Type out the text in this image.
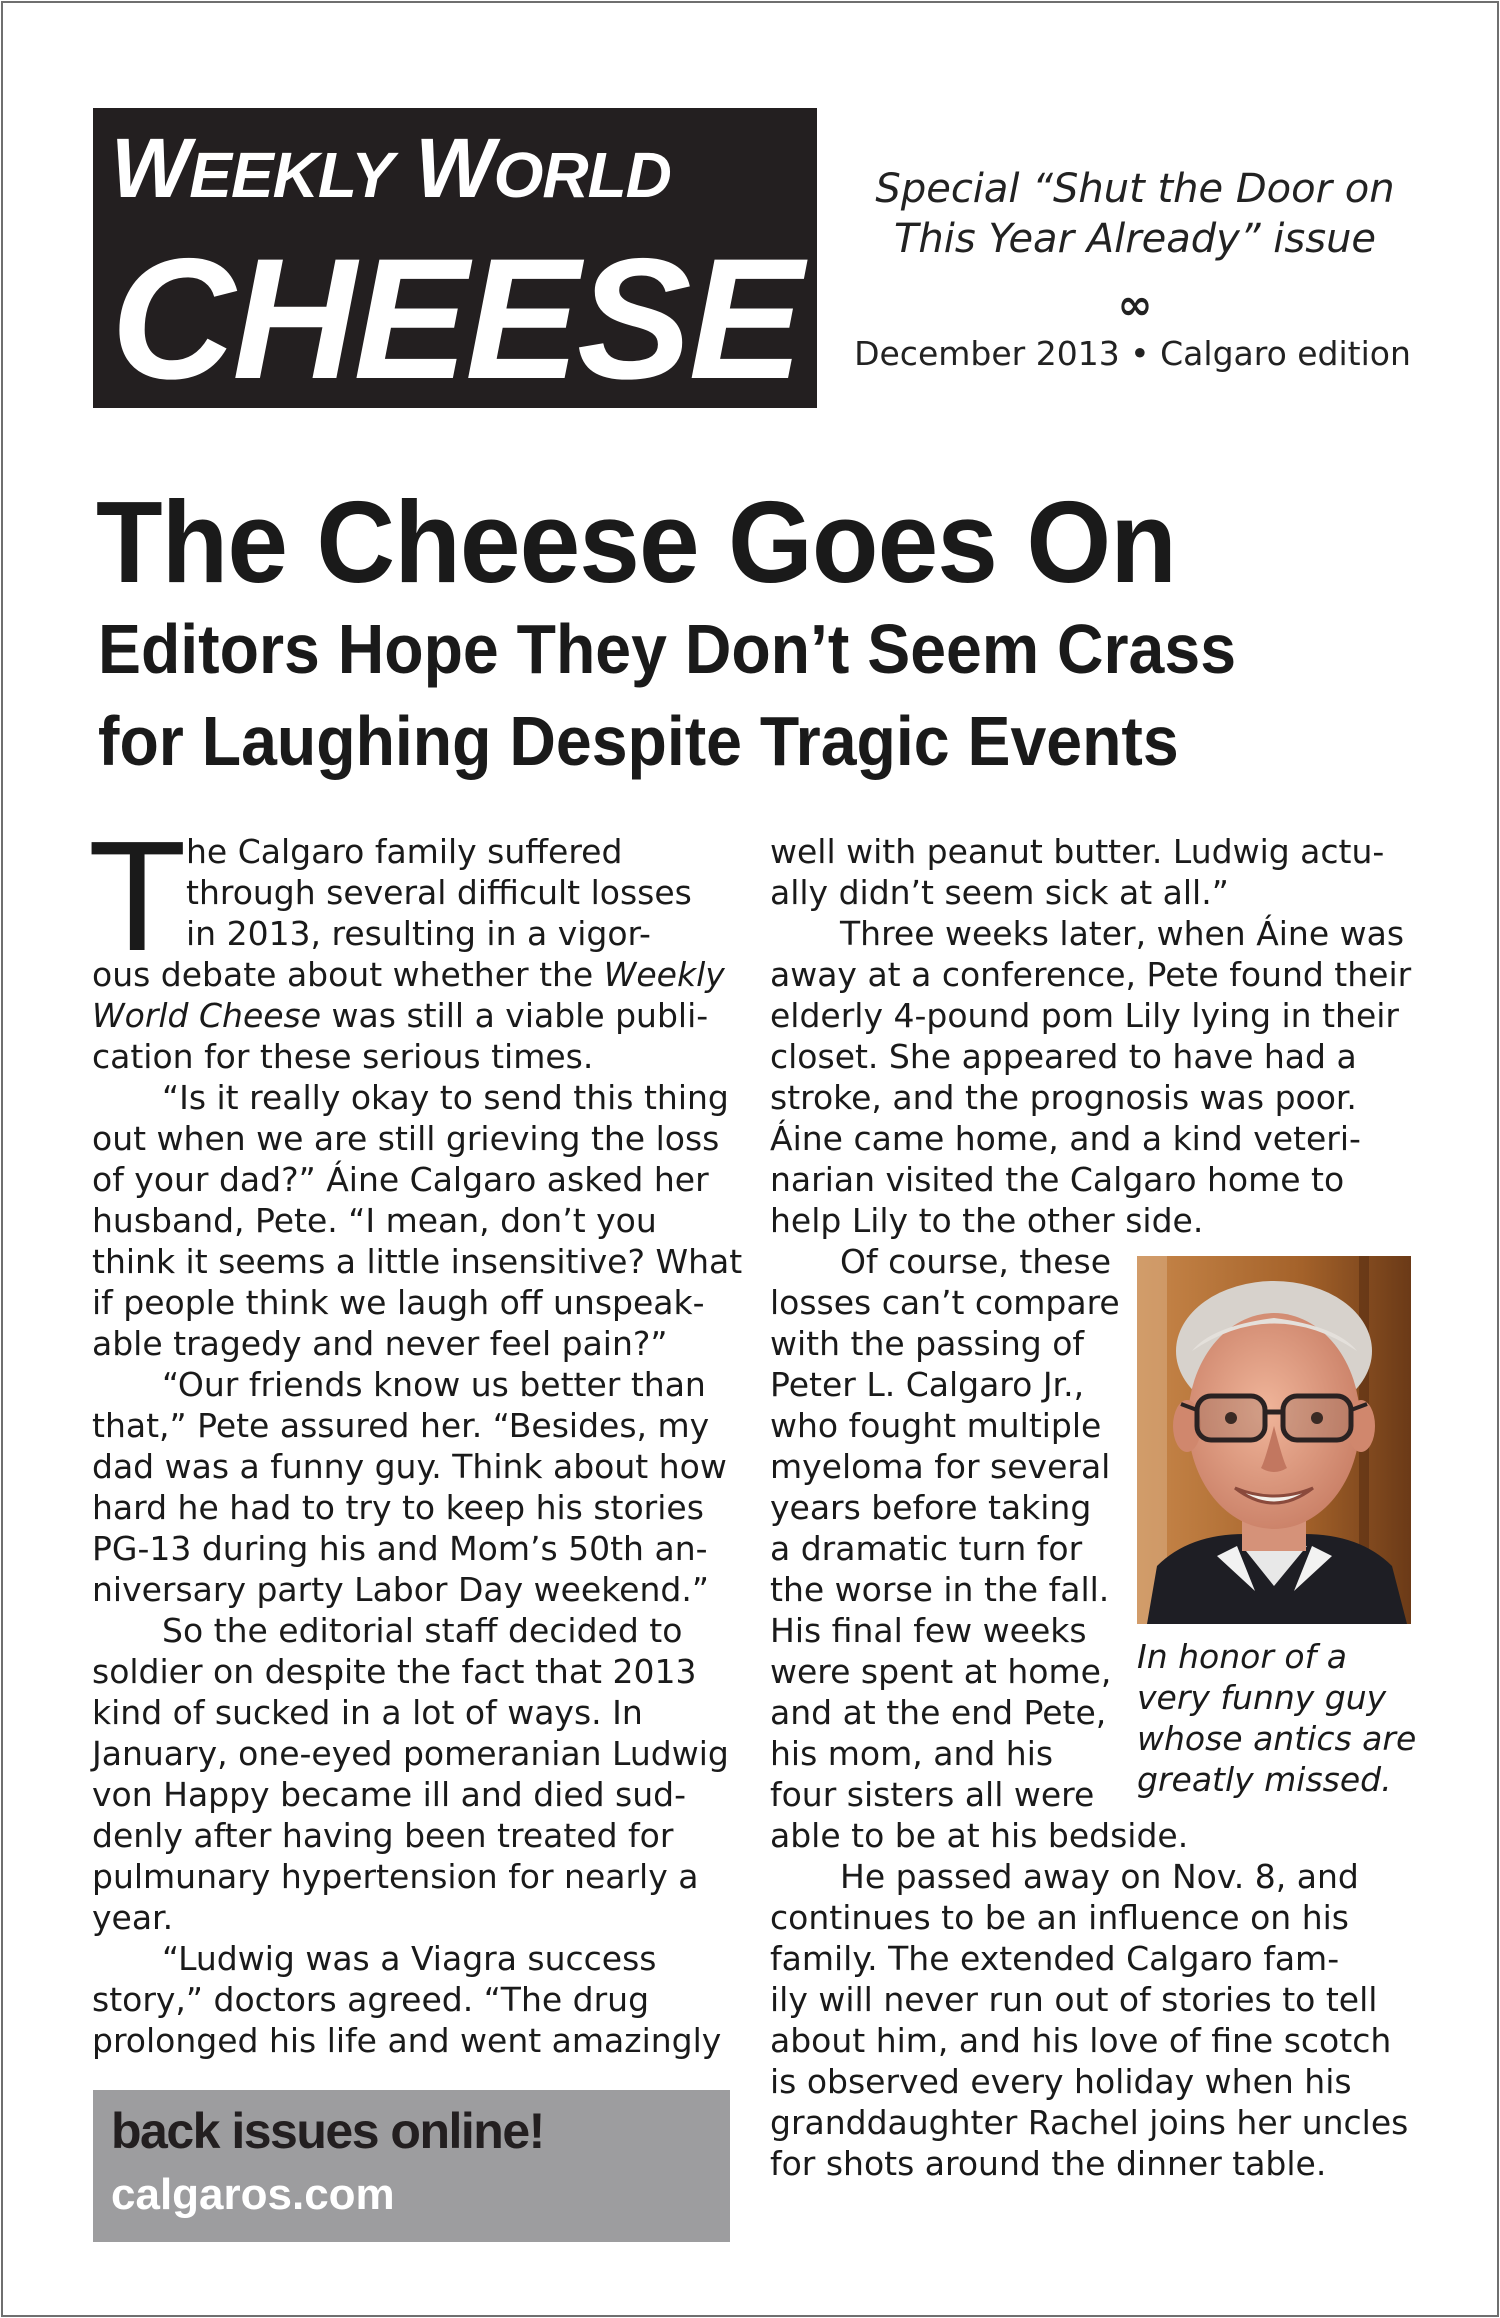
WEEKLY WORLD
CHEESE
Special “Shut the Door on
This Year Already” issue
∞
December 2013 • Calgaro edition
The Cheese Goes On
Editors Hope They Don’t Seem Crass
for Laughing Despite Tragic Events
T he Calgaro family suffered

through several difficult losses

in 2013, resulting in a vigor-

ous debate about whether the Weekly

World Cheese was still a viable publi-

cation for these serious times.

“Is it really okay to send this thing

out when we are still grieving the loss

of your dad?” Áine Calgaro asked her

husband, Pete. “I mean, don’t you

think it seems a little insensitive? What

if people think we laugh off unspeak-

able tragedy and never feel pain?”

“Our friends know us better than

that,” Pete assured her. “Besides, my

dad was a funny guy. Think about how

hard he had to try to keep his stories

PG-13 during his and Mom’s 50th an-

niversary party Labor Day weekend.”

So the editorial staff decided to

soldier on despite the fact that 2013

kind of sucked in a lot of ways. In

January, one-eyed pomeranian Ludwig

von Happy became ill and died sud-

denly after having been treated for

pulmunary hypertension for nearly a

year.

“Ludwig was a Viagra success

story,” doctors agreed. “The drug

prolonged his life and went amazingly

well with peanut butter. Ludwig actu-

ally didn’t seem sick at all.”

Three weeks later, when Áine was

away at a conference, Pete found their

elderly 4-pound pom Lily lying in their

closet. She appeared to have had a

stroke, and the prognosis was poor.

Áine came home, and a kind veteri-

narian visited the Calgaro home to

help Lily to the other side.

Of course, these

losses can’t compare

with the passing of

Peter L. Calgaro Jr.,

who fought multiple

myeloma for several

years before taking

a dramatic turn for

the worse in the fall.

His final few weeks

were spent at home,

and at the end Pete,

his mom, and his

four sisters all were

able to be at his bedside.

He passed away on Nov. 8, and

continues to be an influence on his

family. The extended Calgaro fam-

ily will never run out of stories to tell

about him, and his love of fine scotch

is observed every holiday when his

granddaughter Rachel joins her uncles

for shots around the dinner table.

In honor of a
very funny guy
whose antics are
greatly missed.
back issues online!
calgaros.com
